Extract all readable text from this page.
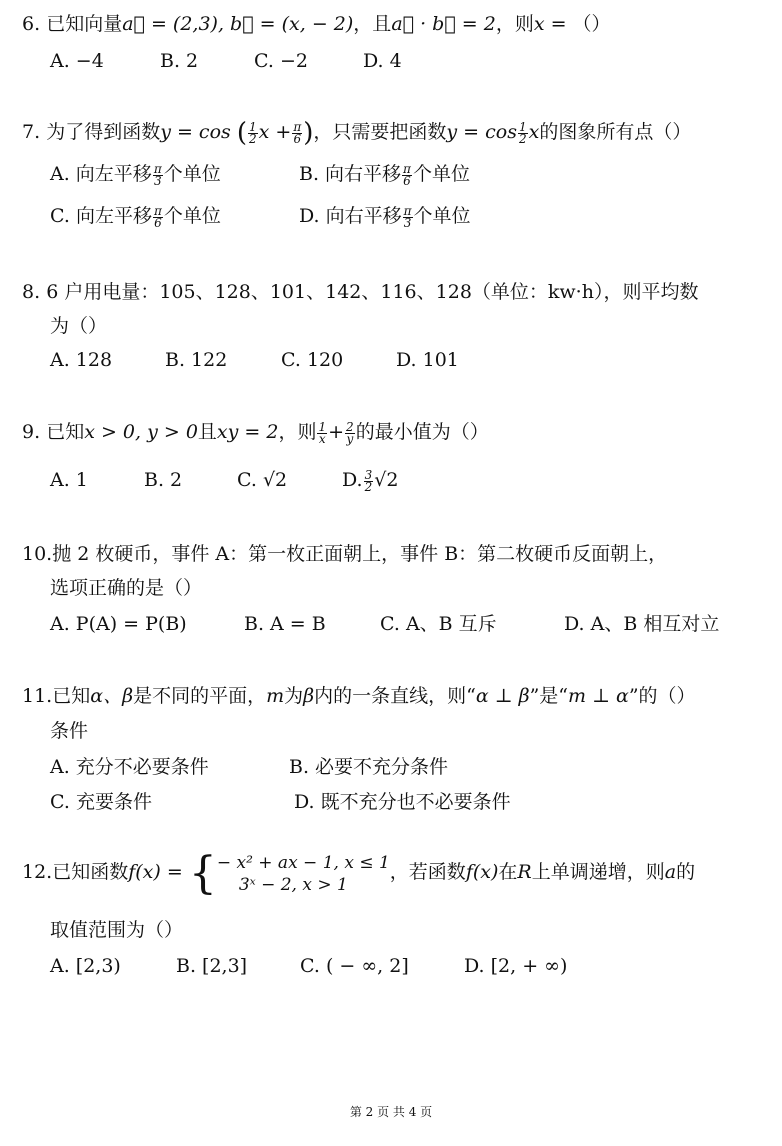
6. 已知向量a⃗ = (2,3), b⃗ = (x, − 2)，且a⃗ · b⃗ = 2，则x = （）
A. −4	B. 2	C. −2	D. 4
7. 为了得到函数y = cos ( $\frac{1}{2}$ $x + \frac{\pi}{6}$ )，只需要把函数$y = \cos \frac{1}{2}$ x的图象所有点（）
A. 向左平移 $\frac{\pi}{3}$ 个单位	B. 向右平移 $\frac{\pi}{6}$ 个单位
C. 向左平移 $\frac{\pi}{6}$ 个单位	D. 向右平移 $\frac{\pi}{3}$ 个单位
8. 6 户用电量：105、128、101、142、116、128（单位：kw·h），则平均数
为（）
A. 128	B. 122	C. 120	D. 101
9. 已知x > 0, y > 0且xy = 2，则 $\frac{1}{x} + \frac{2}{y}$ 的最小值为（）
A. 1	B. 2	C. √2	D. $\frac{3}{2} √2$
10.抛 2 枚硬币，事件 A：第一枚正面朝上，事件 B：第二枚硬币反面朝上，
选项正确的是（）
A. P(A) = P(B)	B. A = B	C. A、B 互斥	D. A、B 相互对立
11.已知α、β是不同的平面，m为β内的一条直线，则“α ⊥ β”是“m ⊥ α”的（）
条件
A. 充分不必要条件	B. 必要不充分条件
C. 充要条件	D. 既不充分也不必要条件
12.已知函数f(x) = { − x² + ax − 1, x ≤ 1
3ˣ − 2, x > 1
，若函数f(x)在R上单调递增，则a的
取值范围为（）
A. [2,3)	B. [2,3]	C. ( − ∞, 2]	D. [2, + ∞)
第 2 页 共 4 页
